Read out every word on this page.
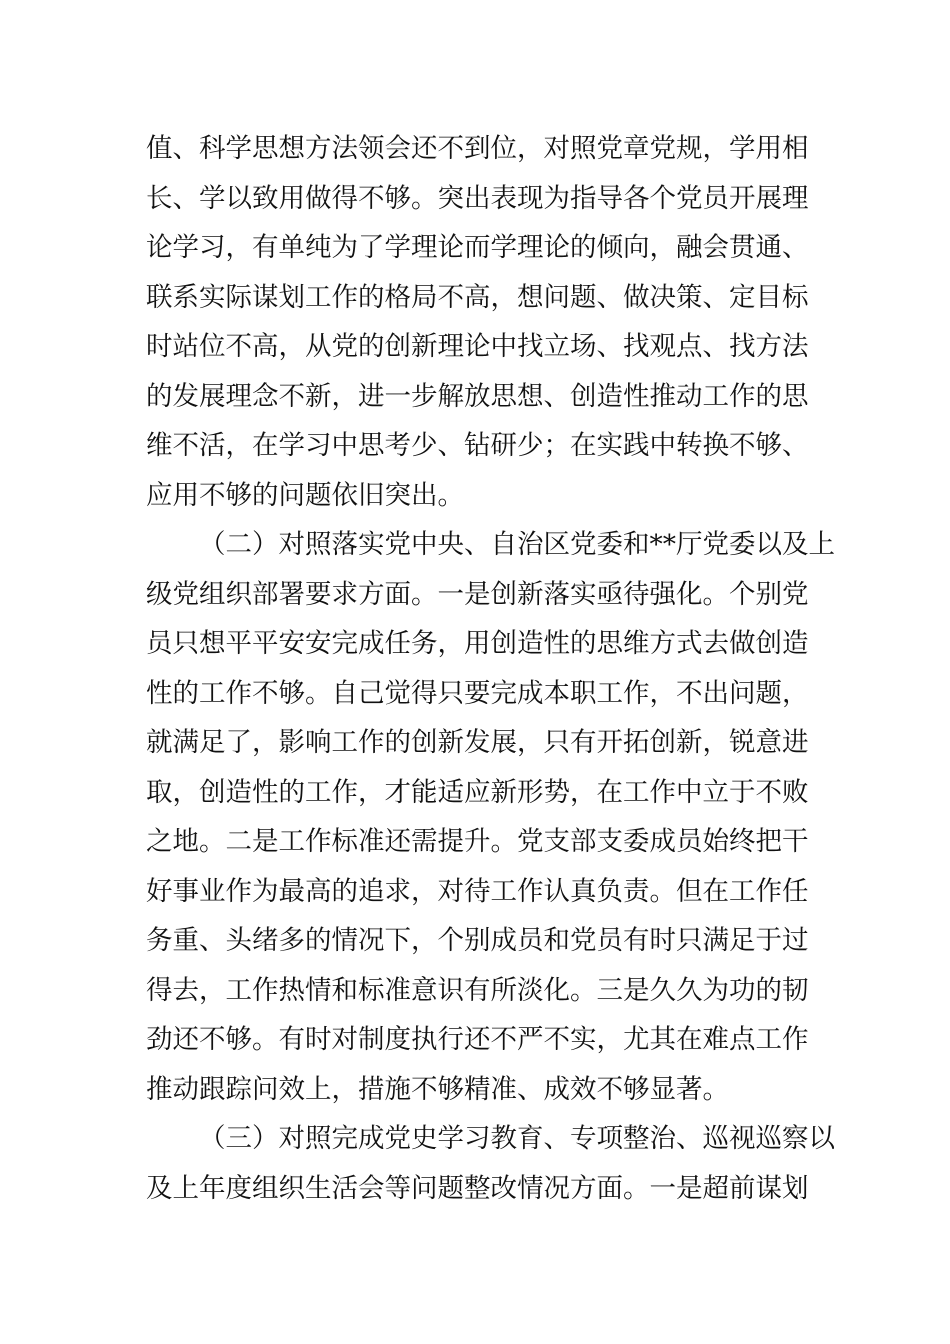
值、科学思想方法领会还不到位，对照党章党规，学用相
长、学以致用做得不够。突出表现为指导各个党员开展理
论学习，有单纯为了学理论而学理论的倾向，融会贯通、
联系实际谋划工作的格局不高，想问题、做决策、定目标
时站位不高，从党的创新理论中找立场、找观点、找方法
的发展理念不新，进一步解放思想、创造性推动工作的思
维不活，在学习中思考少、钻研少；在实践中转换不够、
应用不够的问题依旧突出。
（二）对照落实党中央、自治区党委和**厅党委以及上
级党组织部署要求方面。一是创新落实亟待强化。个别党
员只想平平安安完成任务，用创造性的思维方式去做创造
性的工作不够。自己觉得只要完成本职工作，不出问题，
就满足了，影响工作的创新发展，只有开拓创新，锐意进
取，创造性的工作，才能适应新形势，在工作中立于不败
之地。二是工作标准还需提升。党支部支委成员始终把干
好事业作为最高的追求，对待工作认真负责。但在工作任
务重、头绪多的情况下，个别成员和党员有时只满足于过
得去，工作热情和标准意识有所淡化。三是久久为功的韧
劲还不够。有时对制度执行还不严不实，尤其在难点工作
推动跟踪问效上，措施不够精准、成效不够显著。
（三）对照完成党史学习教育、专项整治、巡视巡察以
及上年度组织生活会等问题整改情况方面。一是超前谋划
